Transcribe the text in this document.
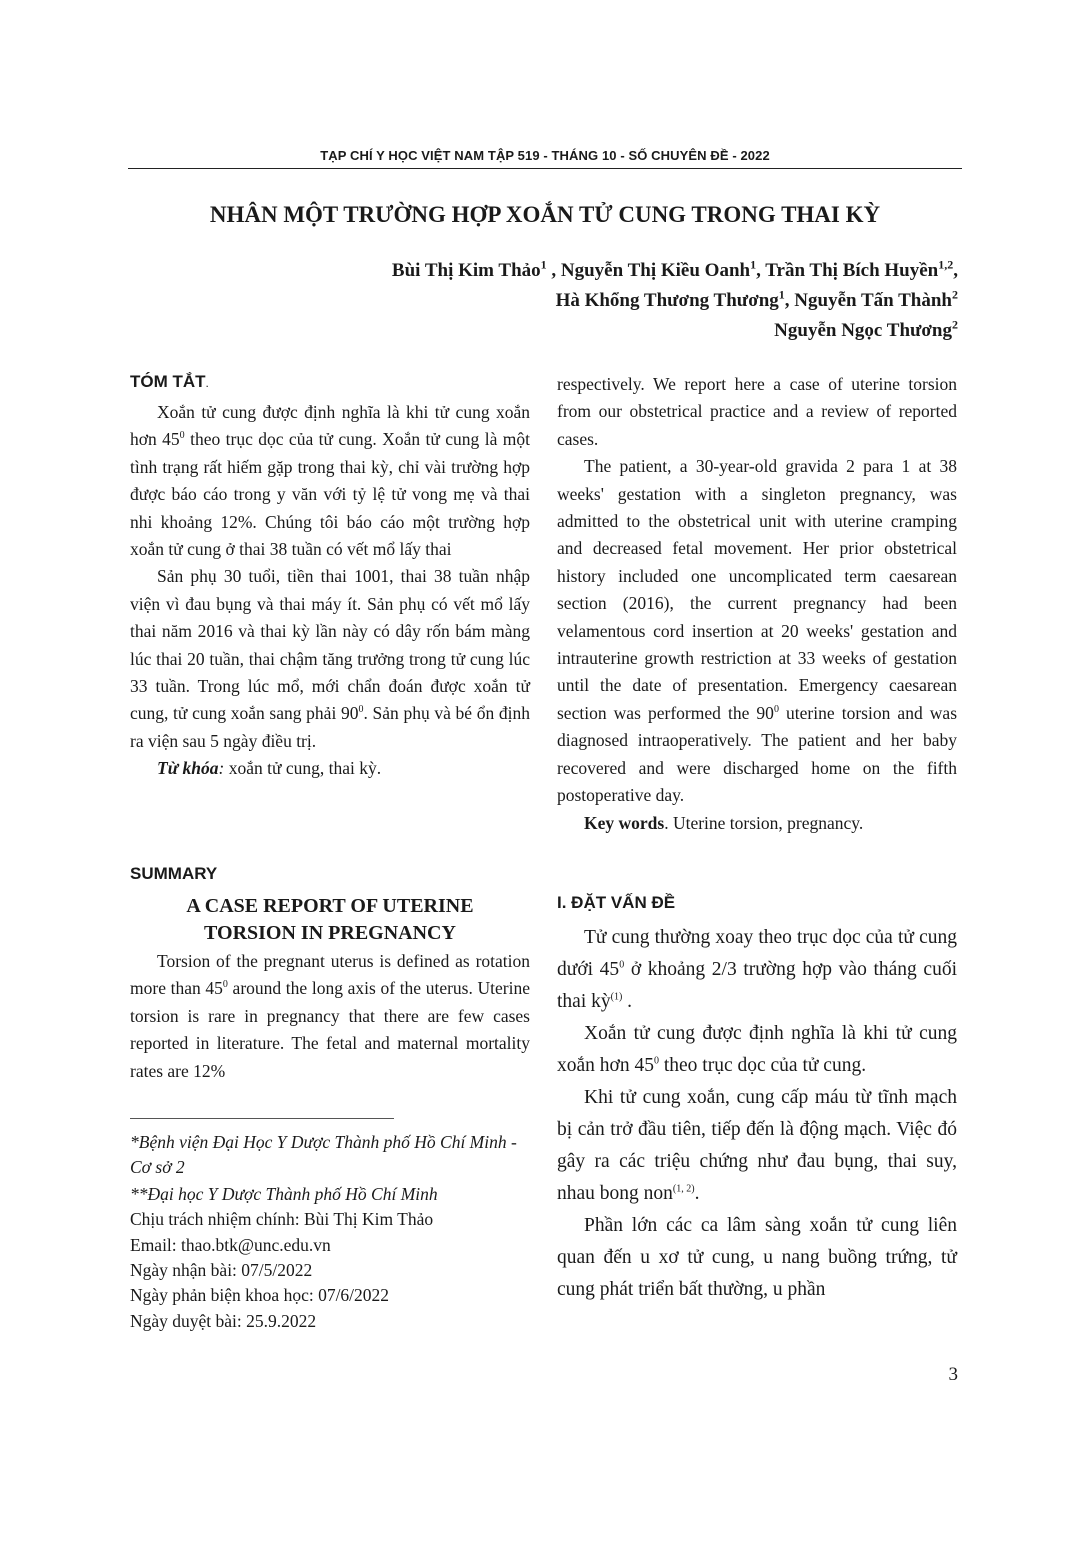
TẠP CHÍ Y HỌC VIỆT NAM TẬP 519 - THÁNG 10 - SỐ CHUYÊN ĐỀ - 2022
NHÂN MỘT TRƯỜNG HỢP XOẮN TỬ CUNG TRONG THAI KỲ
Bùi Thị Kim Thảo$^1$ , Nguyễn Thị Kiều Oanh$^1$, Trần Thị Bích Huyền$^{1,2}$,
Hà Khổng Thương Thương$^1$, Nguyễn Tấn Thành$^2$
Nguyễn Ngọc Thương$^2$
TÓM TẮT.

Xoắn tử cung được định nghĩa là khi tử cung xoắn hơn $45^0$ theo trục dọc của tử cung. Xoắn tử cung là một tình trạng rất hiếm gặp trong thai kỳ, chỉ vài trường hợp được báo cáo trong y văn với tỷ lệ tử vong mẹ và thai nhi khoảng 12%. Chúng tôi báo cáo một trường hợp xoắn tử cung ở thai 38 tuần có vết mổ lấy thai

Sản phụ 30 tuổi, tiền thai 1001, thai 38 tuần nhập viện vì đau bụng và thai máy ít. Sản phụ có vết mổ lấy thai năm 2016 và thai kỳ lần này có dây rốn bám màng lúc thai 20 tuần, thai chậm tăng trưởng trong tử cung lúc 33 tuần. Trong lúc mổ, mới chẩn đoán được xoắn tử cung, tử cung xoắn sang phải $90^0$. Sản phụ và bé ổn định ra viện sau 5 ngày điều trị.

Từ khóa: xoắn tử cung, thai kỳ.

SUMMARY
A CASE REPORT OF UTERINE
TORSION IN PREGNANCY

Torsion of the pregnant uterus is defined as rotation more than $45^0$ around the long axis of the uterus. Uterine torsion is rare in pregnancy that there are few cases reported in literature. The fetal and maternal mortality rates are 12%

*Bệnh viện Đại Học Y Dược Thành phố Hồ Chí Minh - Cơ sở 2
**Đại học Y Dược Thành phố Hồ Chí Minh
Chịu trách nhiệm chính: Bùi Thị Kim Thảo
Email: thao.btk@unc.edu.vn
Ngày nhận bài: 07/5/2022
Ngày phản biện khoa học: 07/6/2022
Ngày duyệt bài: 25.9.2022

respectively. We report here a case of uterine torsion from our obstetrical practice and a review of reported cases.

The patient, a 30-year-old gravida 2 para 1 at 38 weeks' gestation with a singleton pregnancy, was admitted to the obstetrical unit with uterine cramping and decreased fetal movement. Her prior obstetrical history included one uncomplicated term caesarean section (2016), the current pregnancy had been velamentous cord insertion at 20 weeks' gestation and intrauterine growth restriction at 33 weeks of gestation until the date of presentation. Emergency caesarean section was performed the $90^0$ uterine torsion and was diagnosed intraoperatively. The patient and her baby recovered and were discharged home on the fifth postoperative day.

Key words. Uterine torsion, pregnancy.

I. ĐẶT VẤN ĐỀ

Tử cung thường xoay theo trục dọc của tử cung dưới $45^0$ ở khoảng 2/3 trường hợp vào tháng cuối thai kỳ$^{(1)}$ .

Xoắn tử cung được định nghĩa là khi tử cung xoắn hơn $45^0$ theo trục dọc của tử cung.

Khi tử cung xoắn, cung cấp máu từ tĩnh mạch bị cản trở đầu tiên, tiếp đến là động mạch. Việc đó gây ra các triệu chứng như đau bụng, thai suy, nhau bong non$^{(1, 2)}$.

Phần lớn các ca lâm sàng xoắn tử cung liên quan đến u xơ tử cung, u nang buồng trứng, tử cung phát triển bất thường, u phần

3
